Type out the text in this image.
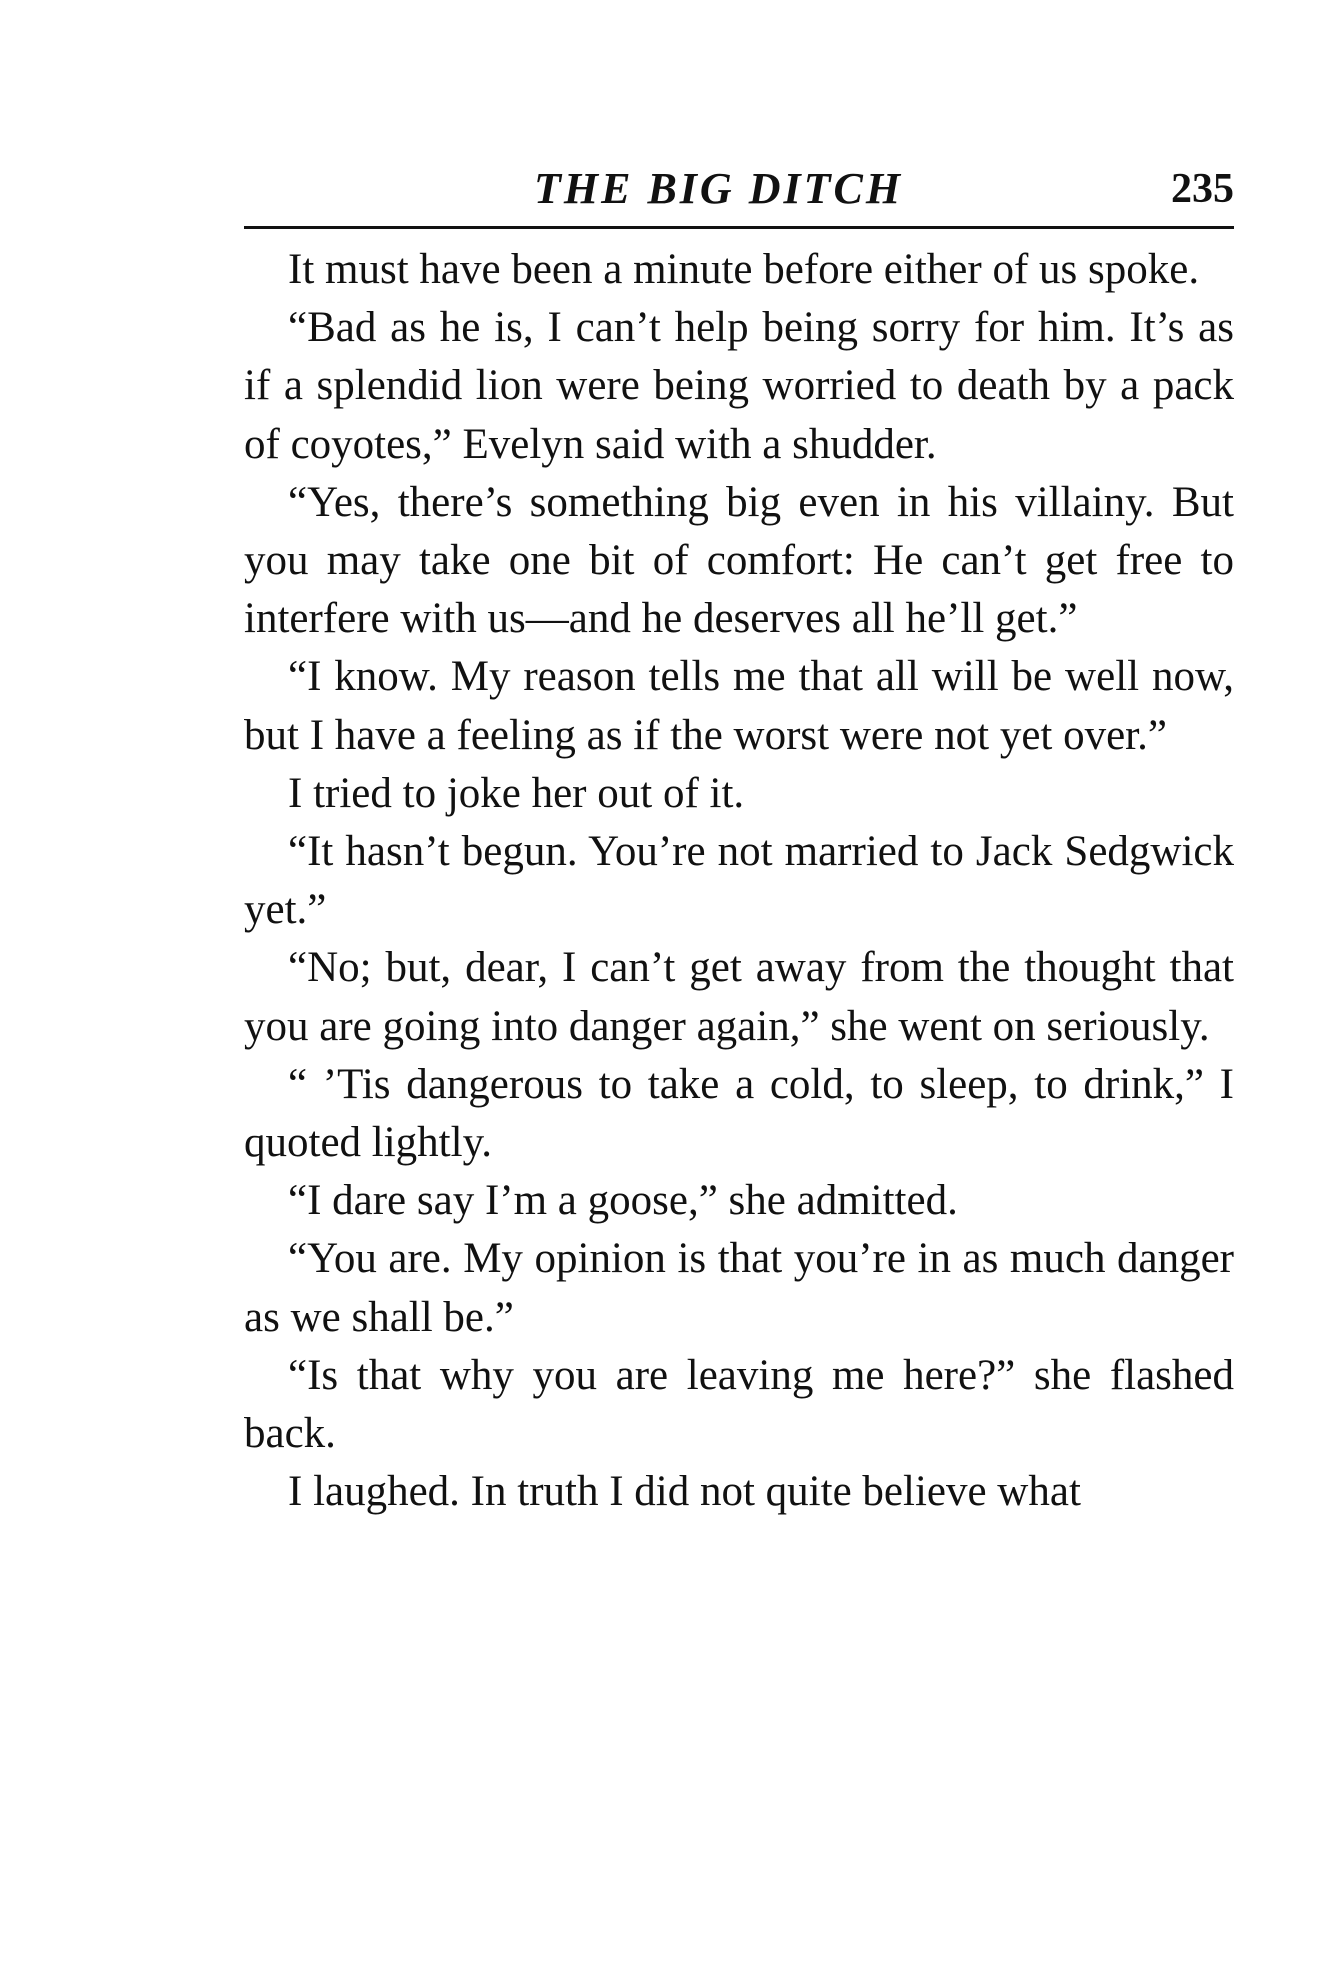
THE BIG DITCH	235

It must have been a minute before either of us spoke.

“Bad as he is, I can’t help being sorry for him. It’s as if a splendid lion were being worried to death by a pack of coyotes,” Evelyn said with a shudder.

“Yes, there’s something big even in his villainy. But you may take one bit of comfort: He can’t get free to interfere with us—and he deserves all he’ll get.”

“I know. My reason tells me that all will be well now, but I have a feeling as if the worst were not yet over.”

I tried to joke her out of it.

“It hasn’t begun. You’re not married to Jack Sedgwick yet.”

“No; but, dear, I can’t get away from the thought that you are going into danger again,” she went on seriously.

“ ’Tis dangerous to take a cold, to sleep, to drink,” I quoted lightly.

“I dare say I’m a goose,” she admitted.

“You are. My opinion is that you’re in as much danger as we shall be.”

“Is that why you are leaving me here?” she flashed back.

I laughed. In truth I did not quite believe what
